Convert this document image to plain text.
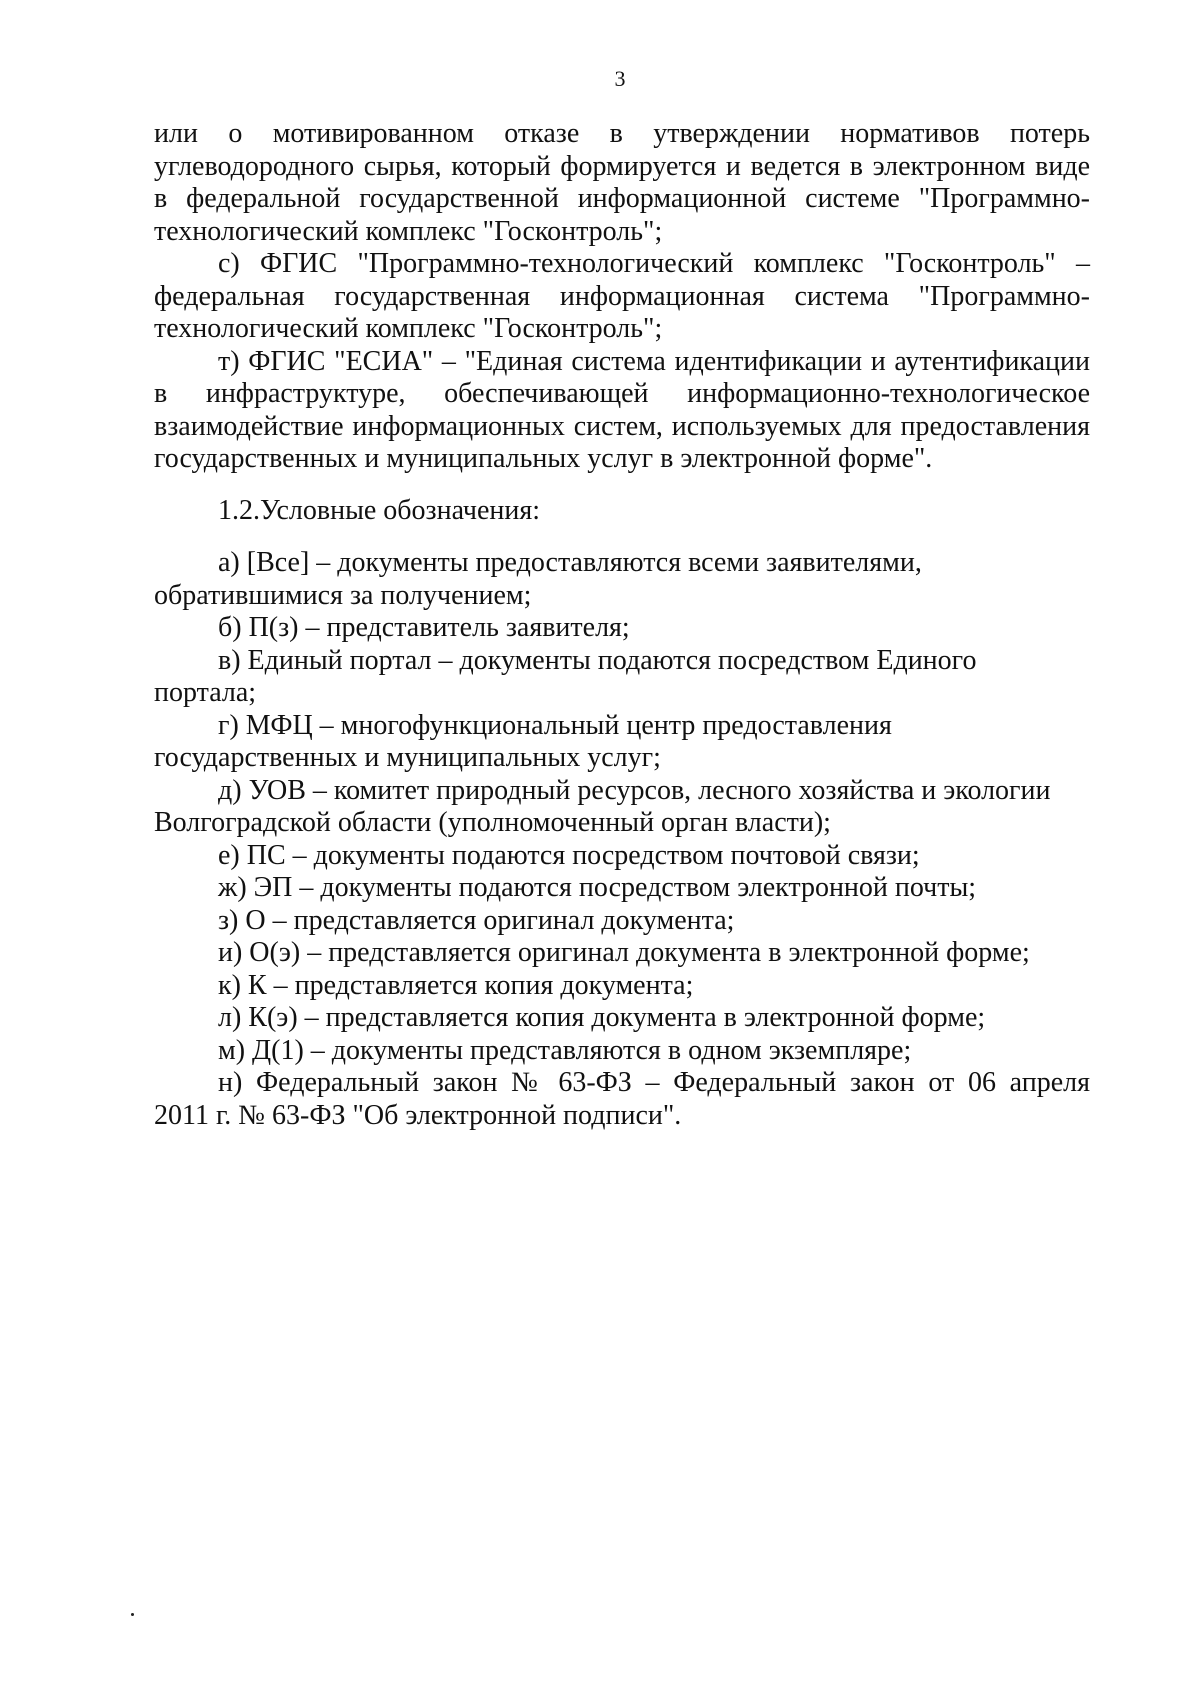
3

или о мотивированном отказе в утверждении нормативов потерь

углеводородного сырья, который формируется и ведется в электронном виде

в федеральной государственной информационной системе "Программно-

технологический комплекс "Госконтроль";

с) ФГИС "Программно-технологический комплекс "Госконтроль" –

федеральная государственная информационная система "Программно-

технологический комплекс "Госконтроль";

т) ФГИС "ЕСИА" – "Единая система идентификации и аутентификации

в инфраструктуре, обеспечивающей информационно-технологическое

взаимодействие информационных систем, используемых для предоставления

государственных и муниципальных услуг в электронной форме".

1.2.Условные обозначения:

а) [Все] – документы предоставляются всеми заявителями,

обратившимися за получением;

б) П(з) – представитель заявителя;

в) Единый портал – документы подаются посредством Единого

портала;

г) МФЦ – многофункциональный центр предоставления

государственных и муниципальных услуг;

д) УОВ – комитет природный ресурсов, лесного хозяйства и экологии

Волгоградской области (уполномоченный орган власти);

е) ПС – документы подаются посредством почтовой связи;

ж) ЭП – документы подаются посредством электронной почты;

з) О – представляется оригинал документа;

и) О(э) – представляется оригинал документа в электронной форме;

к) К – представляется копия документа;

л) К(э) – представляется копия документа в электронной форме;

м) Д(1) – документы представляются в одном экземпляре;

н) Федеральный закон № 63-ФЗ – Федеральный закон от 06 апреля

2011 г. № 63-ФЗ "Об электронной подписи".
